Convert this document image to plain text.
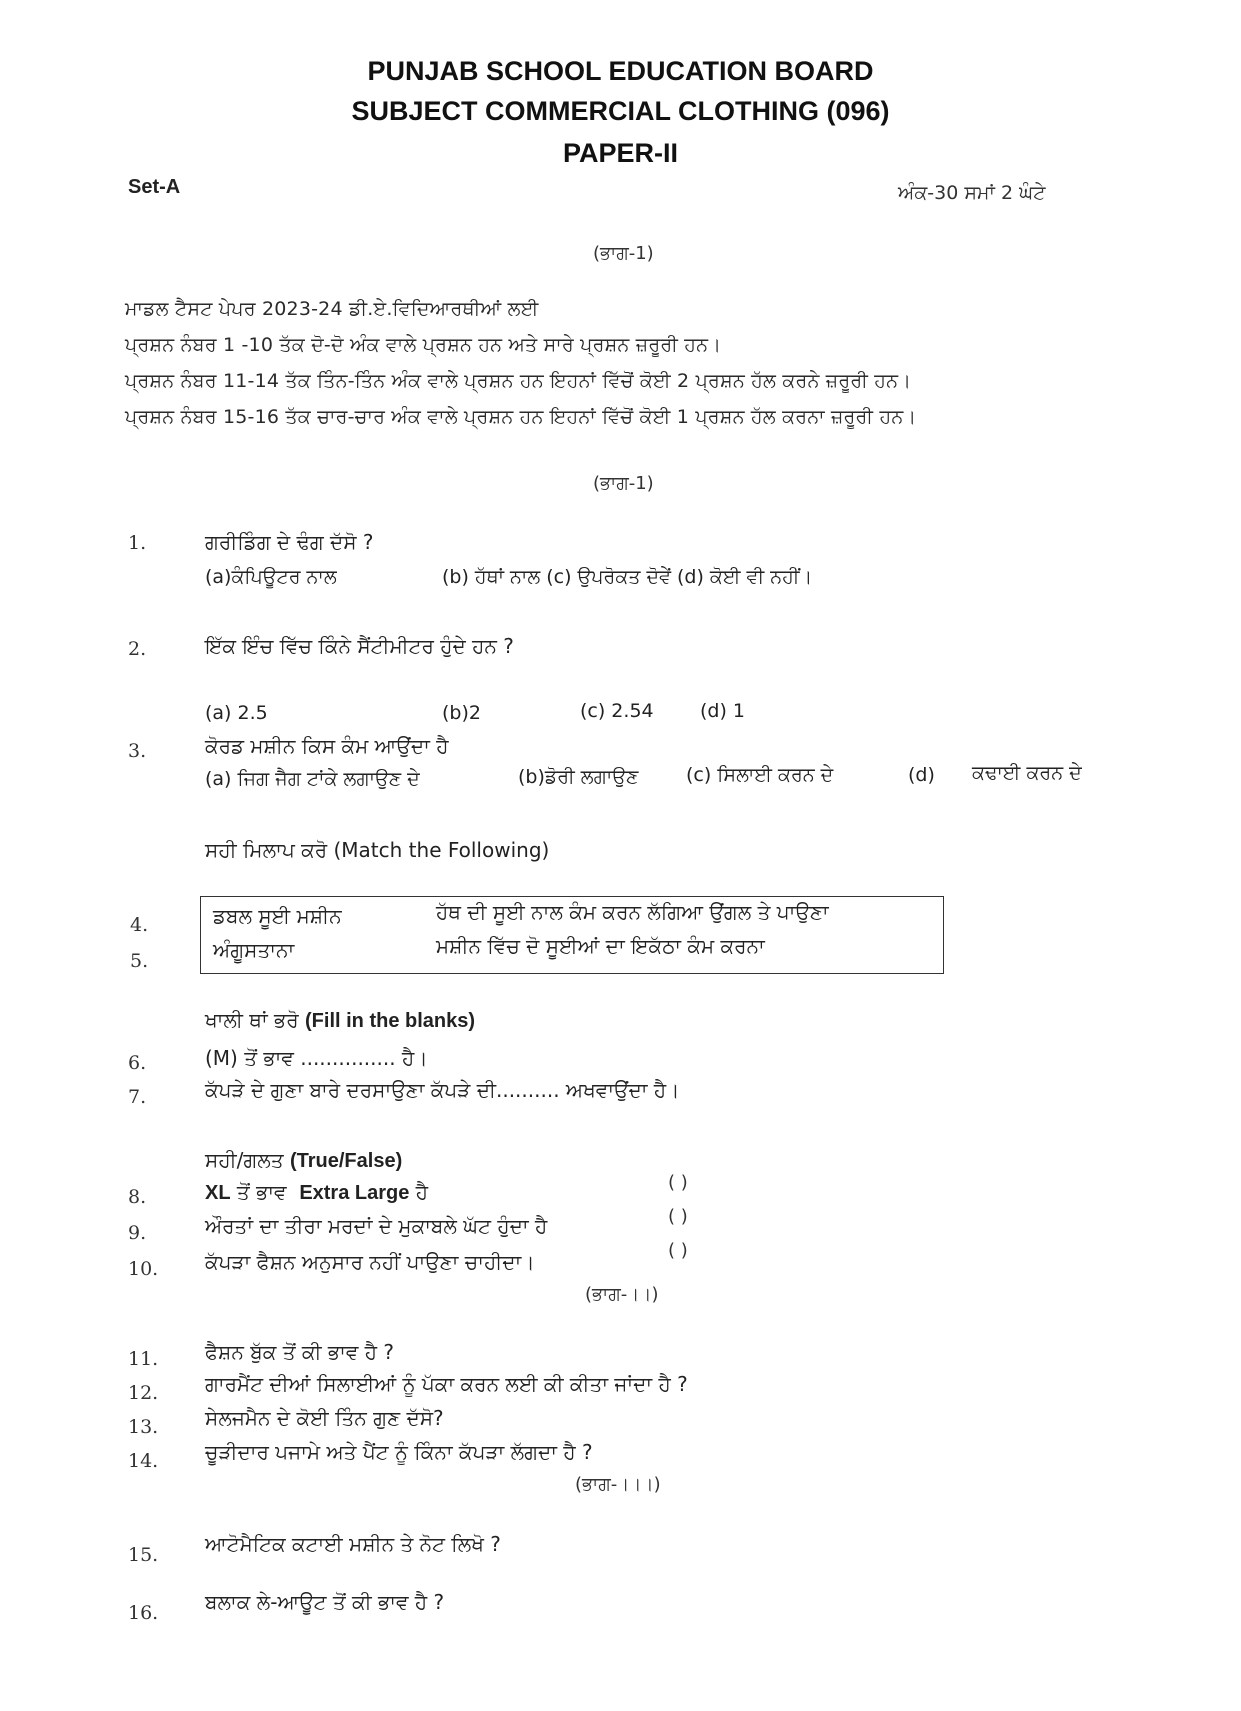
PUNJAB SCHOOL EDUCATION BOARD
SUBJECT COMMERCIAL CLOTHING (096)
PAPER-II
Set-A	ਅੰਕ-30 ਸਮਾਂ 2 ਘੰਟੇ
(ਭਾਗ-1)
ਮਾਡਲ ਟੈਸਟ ਪੇਪਰ 2023-24 ਡੀ.ਏ.ਵਿਦਿਆਰਥੀਆਂ ਲਈ
ਪ੍ਰਸ਼ਨ ਨੰਬਰ 1 -10 ਤੱਕ ਦੋ-ਦੋ ਅੰਕ ਵਾਲੇ ਪ੍ਰਸ਼ਨ ਹਨ ਅਤੇ ਸਾਰੇ ਪ੍ਰਸ਼ਨ ਜ਼ਰੂਰੀ ਹਨ।
ਪ੍ਰਸ਼ਨ ਨੰਬਰ 11-14 ਤੱਕ ਤਿੰਨ-ਤਿੰਨ ਅੰਕ ਵਾਲੇ ਪ੍ਰਸ਼ਨ ਹਨ ਇਹਨਾਂ ਵਿੱਚੋਂ ਕੋਈ 2 ਪ੍ਰਸ਼ਨ ਹੱਲ ਕਰਨੇ ਜ਼ਰੂਰੀ ਹਨ।
ਪ੍ਰਸ਼ਨ ਨੰਬਰ 15-16 ਤੱਕ ਚਾਰ-ਚਾਰ ਅੰਕ ਵਾਲੇ ਪ੍ਰਸ਼ਨ ਹਨ ਇਹਨਾਂ ਵਿੱਚੋਂ ਕੋਈ 1 ਪ੍ਰਸ਼ਨ ਹੱਲ ਕਰਨਾ ਜ਼ਰੂਰੀ ਹਨ।
(ਭਾਗ-1)
1.	ਗਰੀਡਿੰਗ ਦੇ ਢੰਗ ਦੱਸੋ ?
(a)ਕੰਪਿਊਟਰ ਨਾਲ	(b) ਹੱਥਾਂ ਨਾਲ (c) ਉਪਰੋਕਤ ਦੋਵੇਂ (d) ਕੋਈ ਵੀ ਨਹੀਂ।
2.	ਇੱਕ ਇੰਚ ਵਿੱਚ ਕਿੰਨੇ ਸੈਂਟੀਮੀਟਰ ਹੁੰਦੇ ਹਨ ?
(a) 2.5	(b)2	(c) 2.54 (d) 1
3.	ਕੋਰਡ ਮਸ਼ੀਨ ਕਿਸ ਕੰਮ ਆਉਂਦਾ ਹੈ
(a) ਜਿਗ ਜੈਗ ਟਾਂਕੇ ਲਗਾਉਣ ਦੇ	(b)ਡੋਰੀ ਲਗਾਉਣ	(c) ਸਿਲਾਈ ਕਰਨ ਦੇ	(d) ਕਢਾਈ ਕਰਨ ਦੇ
ਸਹੀ ਮਿਲਾਪ ਕਰੋ (Match the Following)
4.	ਡਬਲ ਸੂਈ ਮਸ਼ੀਨ	ਹੱਥ ਦੀ ਸੂਈ ਨਾਲ ਕੰਮ ਕਰਨ ਲੱਗਿਆ ਉਂਗਲ ਤੇ ਪਾਉਣਾ
5.	ਅੰਗੂਸਤਾਨਾ	ਮਸ਼ੀਨ ਵਿੱਚ ਦੋ ਸੂਈਆਂ ਦਾ ਇਕੱਠਾ ਕੰਮ ਕਰਨਾ
ਖਾਲੀ ਥਾਂ ਭਰੋ (Fill in the blanks)
6.	(M) ਤੋਂ ਭਾਵ ............... ਹੈ।
7.	ਕੱਪੜੇ ਦੇ ਗੁਣਾ ਬਾਰੇ ਦਰਸਾਉਣਾ ਕੱਪੜੇ ਦੀ.......... ਅਖਵਾਉਂਦਾ ਹੈ।
ਸਹੀ/ਗਲਤ (True/False)
8.	XL ਤੋਂ ਭਾਵ Extra Large ਹੈ	( )
9.	ਔਰਤਾਂ ਦਾ ਤੀਰਾ ਮਰਦਾਂ ਦੇ ਮੁਕਾਬਲੇ ਘੱਟ ਹੁੰਦਾ ਹੈ	( )
10. ਕੱਪੜਾ ਫੈਸ਼ਨ ਅਨੁਸਾਰ ਨਹੀਂ ਪਾਉਣਾ ਚਾਹੀਦਾ।	( )
(ਭਾਗ-।।)
11. ਫੈਸ਼ਨ ਬੁੱਕ ਤੋਂ ਕੀ ਭਾਵ ਹੈ ?
12. ਗਾਰਮੈਂਟ ਦੀਆਂ ਸਿਲਾਈਆਂ ਨੂੰ ਪੱਕਾ ਕਰਨ ਲਈ ਕੀ ਕੀਤਾ ਜਾਂਦਾ ਹੈ ?
13. ਸੇਲਜਮੈਨ ਦੇ ਕੋਈ ਤਿੰਨ ਗੁਣ ਦੱਸੋ?
14. ਚੂੜੀਦਾਰ ਪਜਾਮੇ ਅਤੇ ਪੈਂਟ ਨੂੰ ਕਿੰਨਾ ਕੱਪੜਾ ਲੱਗਦਾ ਹੈ ?
(ਭਾਗ-।।।)
15. ਆਟੋਮੈਟਿਕ ਕਟਾਈ ਮਸ਼ੀਨ ਤੇ ਨੋਟ ਲਿਖੋ ?
16. ਬਲਾਕ ਲੇ-ਆਊਟ ਤੋਂ ਕੀ ਭਾਵ ਹੈ ?
